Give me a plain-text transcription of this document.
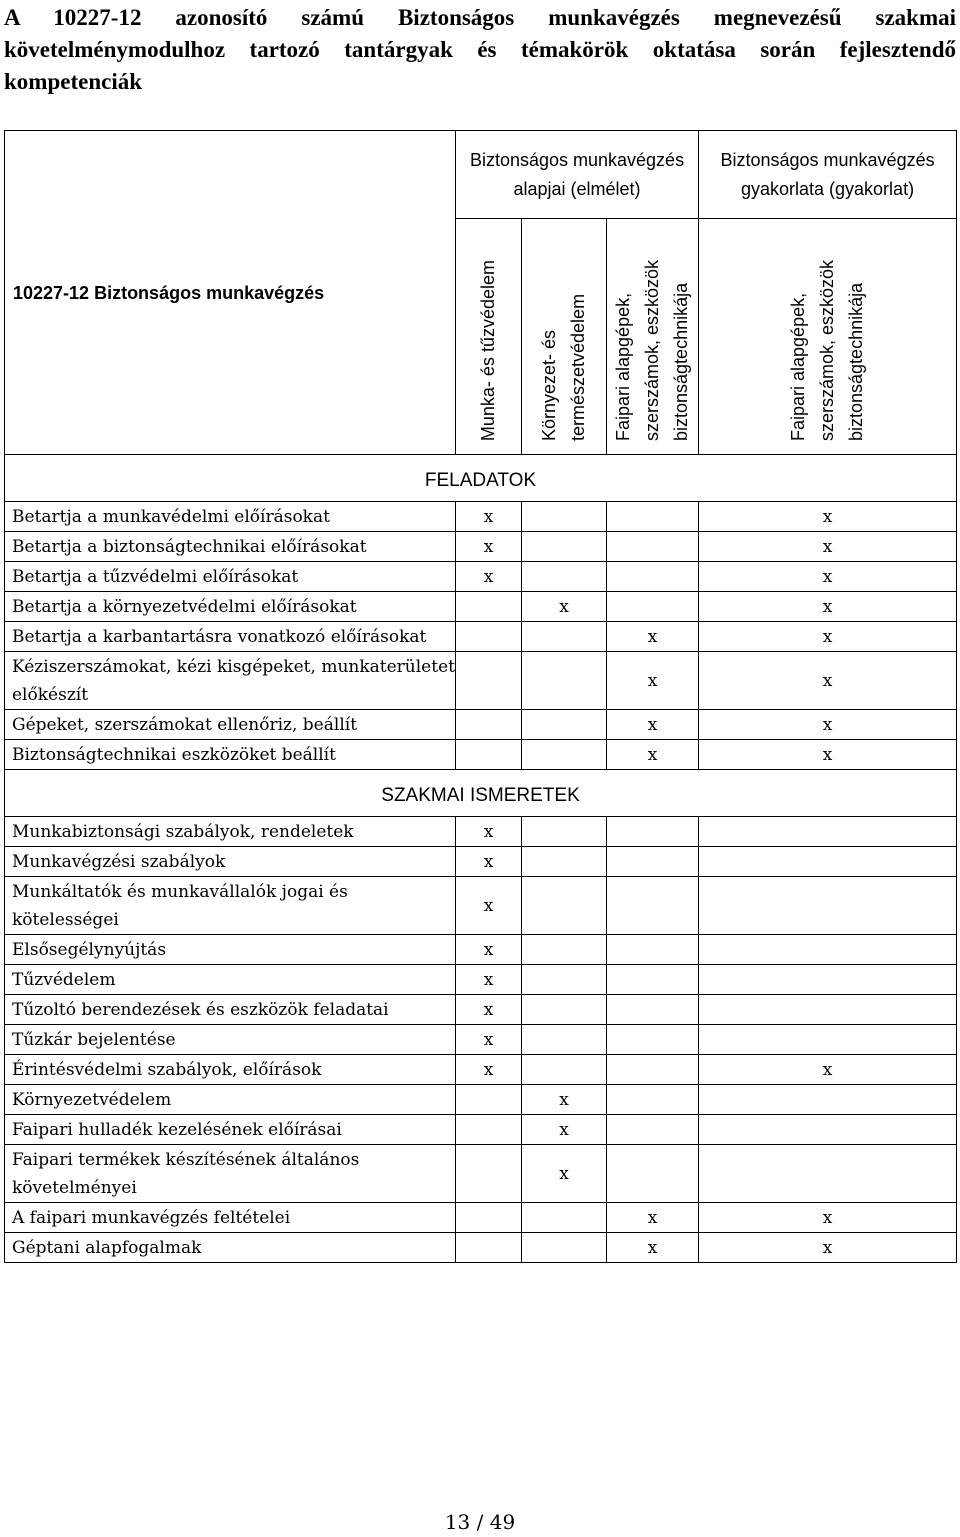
A 10227-12 azonosító számú Biztonságos munkavégzés megnevezésű szakmai követelménymodulhoz tartozó tantárgyak és témakörök oktatása során fejlesztendő kompetenciák
10227-12 Biztonságos munkavégzés	Biztonságos munkavégzés alapjai (elmélet)			Biztonságos munkavégzés gyakorlata (gyakorlat)

	Munka- és tűzvédelem	Környezet- és természetvédelem	Faipari alapgépek, szerszámok, eszközök biztonságtechnikája	Faipari alapgépek, szerszámok, eszközök biztonságtechnikája

FELADATOK				
Betartja a munkavédelmi előírásokat	x			x
Betartja a biztonságtechnikai előírásokat	x			x
Betartja a tűzvédelmi előírásokat	x			x
Betartja a környezetvédelmi előírásokat		x		x
Betartja a karbantartásra vonatkozó előírásokat			x	x
Kéziszerszámokat, kézi kisgépeket, munkaterületet előkészít			x	x
Gépeket, szerszámokat ellenőriz, beállít			x	x
Biztonságtechnikai eszközöket beállít			x	x
SZAKMAI ISMERETEK				
Munkabiztonsági szabályok, rendeletek	x			
Munkavégzési szabályok	x			
Munkáltatók és munkavállalók jogai és kötelességei	x			
Elsősegélynyújtás	x			
Tűzvédelem	x			
Tűzoltó berendezések és eszközök feladatai	x			
Tűzkár bejelentése	x			
Érintésvédelmi szabályok, előírások	x			x
Környezetvédelem		x		
Faipari hulladék kezelésének előírásai		x		
Faipari termékek készítésének általános követelményei		x		
A faipari munkavégzés feltételei			x	x
Géptani alapfogalmak			x	x
13 / 49
